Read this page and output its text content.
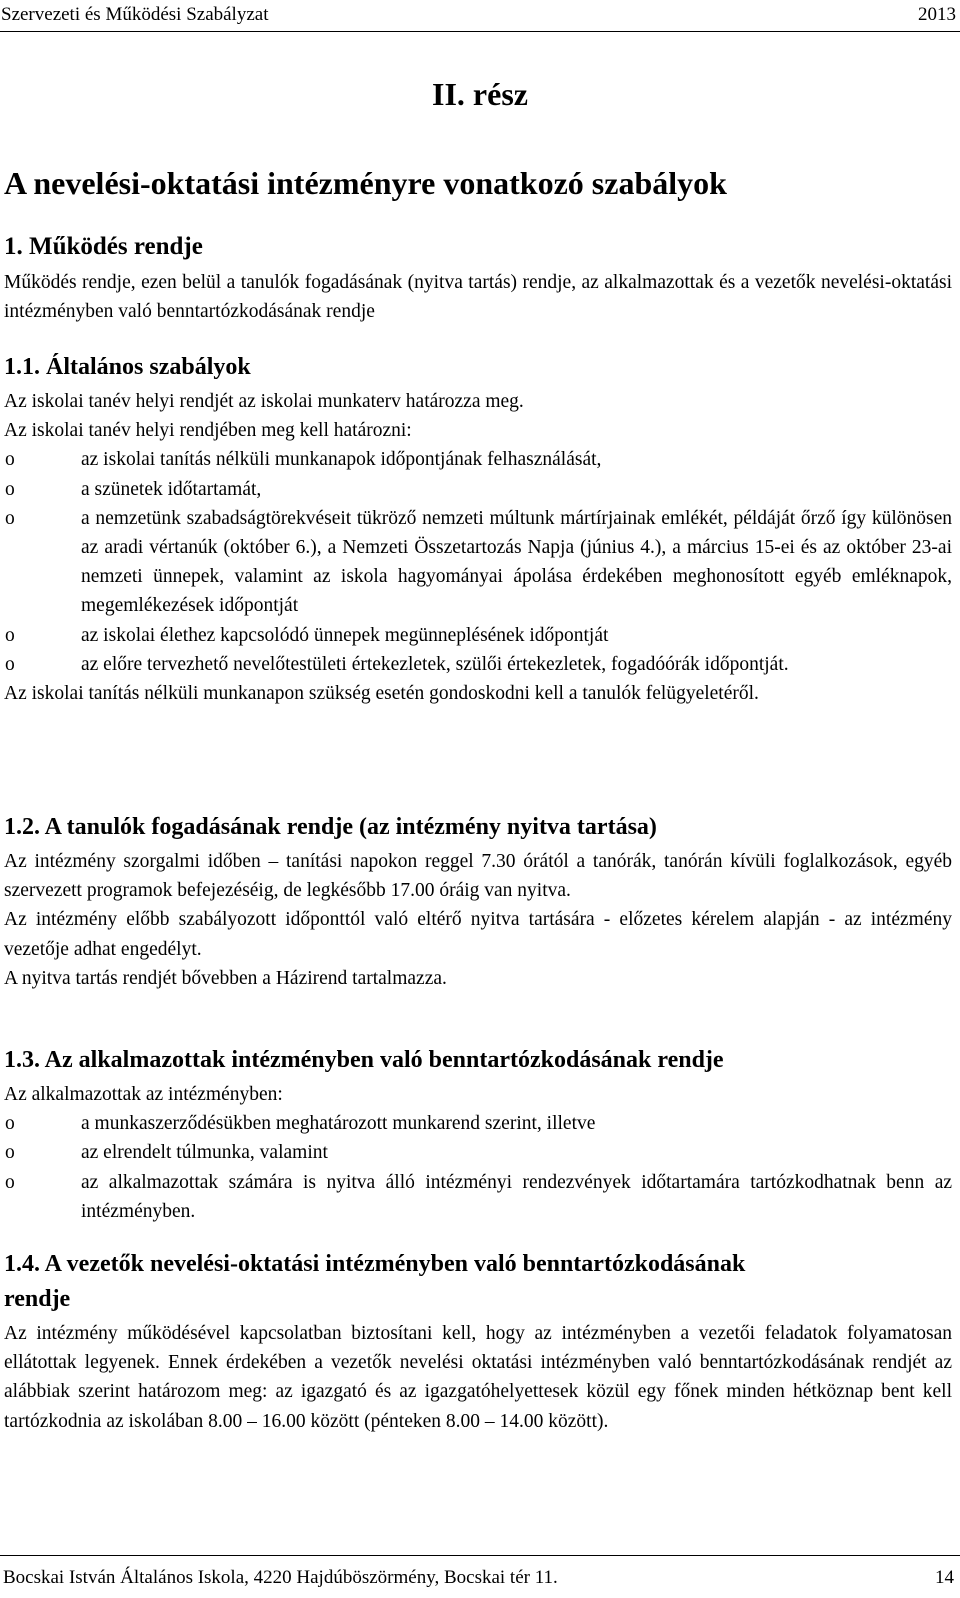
Szervezeti és Működési Szabályzat	2013
II. rész
A nevelési-oktatási intézményre vonatkozó szabályok
1. Működés rendje

Működés rendje, ezen belül a tanulók fogadásának (nyitva tartás) rendje, az alkalmazottak és a vezetők nevelési-oktatási intézményben való benntartózkodásának rendje

1.1. Általános szabályok

Az iskolai tanév helyi rendjét az iskolai munkaterv határozza meg.

Az iskolai tanév helyi rendjében meg kell határozni:

o	az iskolai tanítás nélküli munkanapok időpontjának felhasználását,
o	a szünetek időtartamát,
o	a nemzetünk szabadságtörekvéseit tükröző nemzeti múltunk mártírjainak emlékét, példáját őrző így különösen az aradi vértanúk (október 6.), a Nemzeti Összetartozás Napja (június 4.), a március 15-ei és az október 23-ai nemzeti ünnepek, valamint az iskola hagyományai ápolása érdekében meghonosított egyéb emléknapok, megemlékezések időpontját
o	az iskolai élethez kapcsolódó ünnepek megünneplésének időpontját
o	az előre tervezhető nevelőtestületi értekezletek, szülői értekezletek, fogadóórák időpontját.

Az iskolai tanítás nélküli munkanapon szükség esetén gondoskodni kell a tanulók felügyeletéről.

1.2. A tanulók fogadásának rendje (az intézmény nyitva tartása)

Az intézmény szorgalmi időben – tanítási napokon reggel 7.30 órától a tanórák, tanórán kívüli foglalkozások, egyéb szervezett programok befejezéséig, de legkésőbb 17.00 óráig van nyitva.

Az intézmény előbb szabályozott időponttól való eltérő nyitva tartására - előzetes kérelem alapján - az intézmény vezetője adhat engedélyt.

A nyitva tartás rendjét bővebben a Házirend tartalmazza.

1.3. Az alkalmazottak intézményben való benntartózkodásának rendje

Az alkalmazottak az intézményben:

o	a munkaszerződésükben meghatározott munkarend szerint, illetve
o	az elrendelt túlmunka, valamint
o	az alkalmazottak számára is nyitva álló intézményi rendezvények időtartamára tartózkodhatnak benn az intézményben.
1.4. A vezetők nevelési-oktatási intézményben való benntartózkodásának
rendje

Az intézmény működésével kapcsolatban biztosítani kell, hogy az intézményben a vezetői feladatok folyamatosan ellátottak legyenek. Ennek érdekében a vezetők nevelési oktatási intézményben való benntartózkodásának rendjét az alábbiak szerint határozom meg: az igazgató és az igazgatóhelyettesek közül egy főnek minden hétköznap bent kell tartózkodnia az iskolában 8.00 – 16.00 között (pénteken 8.00 – 14.00 között).

Bocskai István Általános Iskola, 4220 Hajdúböszörmény, Bocskai tér 11.	14
